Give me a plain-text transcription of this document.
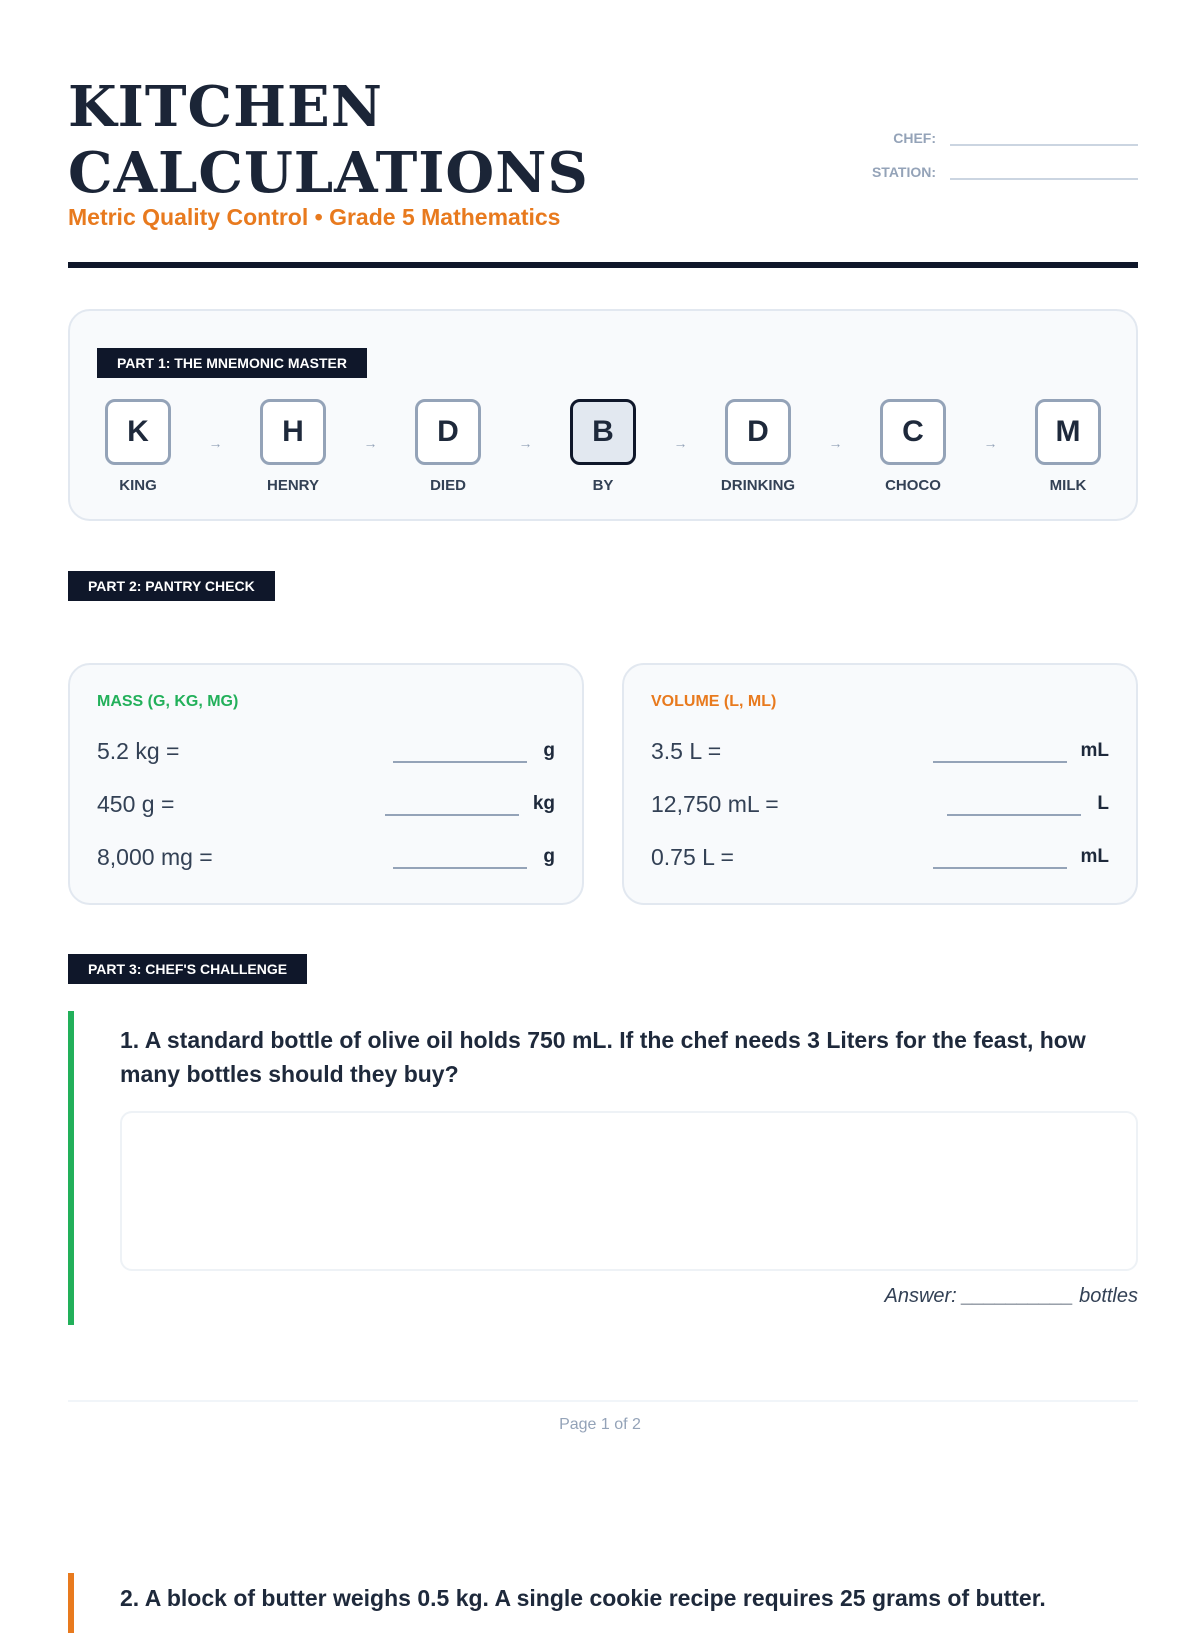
KITCHEN
CALCULATIONS
Metric Quality Control • Grade 5 Mathematics
CHEF:
STATION:
PART 1: THE MNEMONIC MASTER
K
KING
→	H
HENRY
→	D
DIED
→	B
BY
→	D
DRINKING
→	C
CHOCO
→	M
MILK
PART 2: PANTRY CHECK
MASS (G, KG, MG)
5.2 kg =	g
450 g =	kg
8,000 mg =	g
VOLUME (L, ML)
3.5 L =	mL
12,750 mL =	L
0.75 L =	mL
PART 3: CHEF'S CHALLENGE

1. A standard bottle of olive oil holds 750 mL. If the chef needs 3 Liters for the feast, how many bottles should they buy?

Answer: __________ bottles
Page 1 of 2

2. A block of butter weighs 0.5 kg. A single cookie recipe requires 25 grams of butter.
